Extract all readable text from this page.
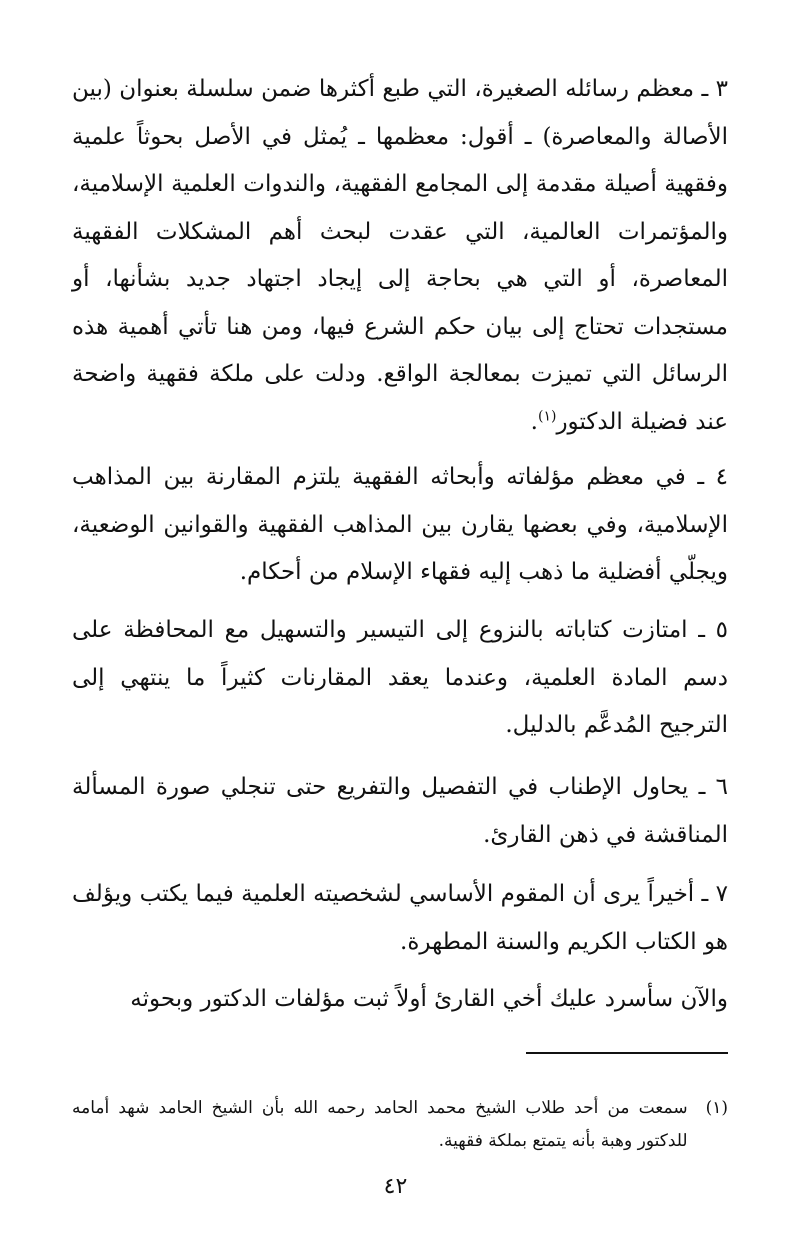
٣ ـ معظم رسائله الصغيرة، التي طبع أكثرها ضمن سلسلة بعنوان (بين الأصالة والمعاصرة) ـ أقول: معظمها ـ يُمثل في الأصل بحوثاً علمية وفقهية أصيلة مقدمة إلى المجامع الفقهية، والندوات العلمية الإسلامية، والمؤتمرات العالمية، التي عقدت لبحث أهم المشكلات الفقهية المعاصرة، أو التي هي بحاجة إلى إيجاد اجتهاد جديد بشأنها، أو مستجدات تحتاج إلى بيان حكم الشرع فيها، ومن هنا تأتي أهمية هذه الرسائل التي تميزت بمعالجة الواقع. ودلت على ملكة فقهية واضحة عند فضيلة الدكتور$^{(١)}$.

٤ ـ في معظم مؤلفاته وأبحاثه الفقهية يلتزم المقارنة بين المذاهب الإسلامية، وفي بعضها يقارن بين المذاهب الفقهية والقوانين الوضعية، ويجلّي أفضلية ما ذهب إليه فقهاء الإسلام من أحكام.

٥ ـ امتازت كتاباته بالنزوع إلى التيسير والتسهيل مع المحافظة على دسم المادة العلمية، وعندما يعقد المقارنات كثيراً ما ينتهي إلى الترجيح المُدعَّم بالدليل.

٦ ـ يحاول الإطناب في التفصيل والتفريع حتى تنجلي صورة المسألة المناقشة في ذهن القارئ.

٧ ـ أخيراً يرى أن المقوم الأساسي لشخصيته العلمية فيما يكتب ويؤلف هو الكتاب الكريم والسنة المطهرة.

والآن سأسرد عليك أخي القارئ أولاً ثبت مؤلفات الدكتور وبحوثه

(١)
سمعت من أحد طلاب الشيخ محمد الحامد رحمه الله بأن الشيخ الحامد شهد أمامه للدكتور وهبة بأنه يتمتع بملكة فقهية.

٤٢
